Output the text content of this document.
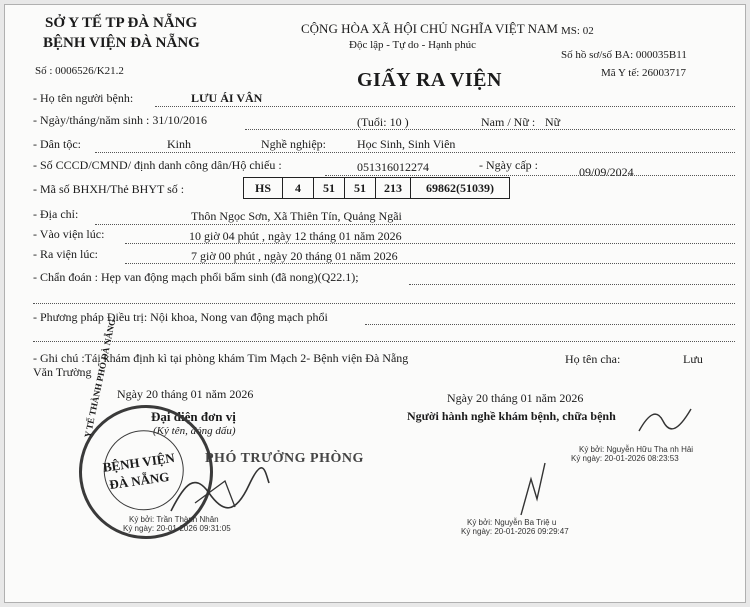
SỞ Y TẾ TP ĐÀ NẴNG
BỆNH VIỆN ĐÀ NẴNG
Số : 0006526/K21.2
CỘNG HÒA XÃ HỘI CHỦ NGHĨA VIỆT NAM
Độc lập - Tự do - Hạnh phúc
GIẤY RA VIỆN
MS: 02
Số hồ sơ/số BA: 000035B11
Mã Y tế: 26003717
- Họ tên người bệnh:	LƯU ÁI VÂN
- Ngày/tháng/năm sinh : 31/10/2016	(Tuổi: 10 )	Nam / Nữ : Nữ
- Dân tộc:	Kinh	Nghề nghiệp:	Học Sinh, Sinh Viên
- Số CCCD/CMND/ định danh công dân/Hộ chiếu :	051316012274	- Ngày cấp :	09/09/2024
- Mã số BHXH/Thẻ BHYT số :	HS	4	51	51	213	69862(51039)
- Địa chỉ:	Thôn Ngọc Sơn, Xã Thiên Tín, Quảng Ngãi
- Vào viện lúc:	10 giờ 04 phút , ngày 12 tháng 01 năm 2026
- Ra viện lúc:	7 giờ 00 phút , ngày 20 tháng 01 năm 2026
- Chẩn đoán : Hẹp van động mạch phổi bẩm sinh (đã nong)(Q22.1);
- Phương pháp Điều trị: Nội khoa, Nong van động mạch phổi
- Ghi chú :Tái khám định kì tại phòng khám Tim Mạch 2- Bệnh viện Đà Nẵng	Họ tên cha:	Lưu
Văn Trường
Ngày 20 tháng 01 năm 2026
Đại diện đơn vị
(Ký tên, đóng dấu)
PHÓ TRƯỞNG PHÒNG
BỆNH VIỆN
ĐÀ NẴNG
Y TẾ THÀNH PHỐ ĐÀ NẴNG
Ký bởi: Trần Thành Nhân
Ký ngày: 20-01-2026 09:31:05
Ngày 20 tháng 01 năm 2026
Người hành nghề khám bệnh, chữa bệnh
Ký bởi: Nguyễn Hữu Tha nh Hải
Ký ngày: 20-01-2026 08:23:53
Ký bởi: Nguyễn Ba Triệ u
Ký ngày: 20-01-2026 09:29:47
